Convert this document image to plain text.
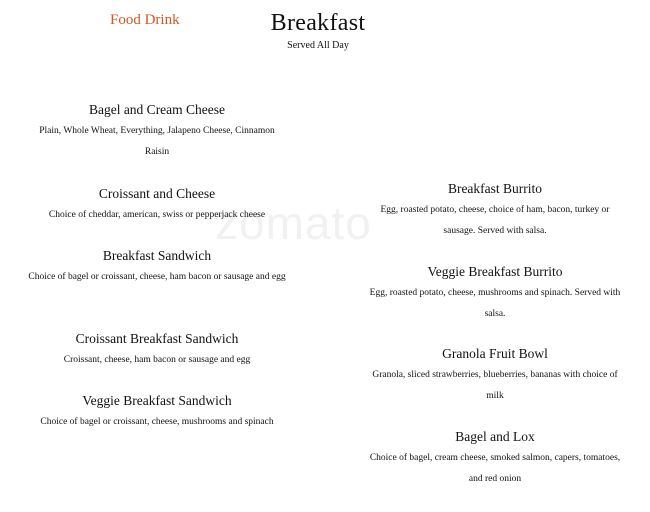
Food Drink	Breakfast
Served All Day
zomato
Bagel and Cream Cheese
Plain, Whole Wheat, Everything, Jalapeno Cheese, Cinnamon Raisin
Croissant and Cheese
Choice of cheddar, american, swiss or pepperjack cheese
Breakfast Sandwich
Choice of bagel or croissant, cheese, ham bacon or sausage and egg
Croissant Breakfast Sandwich
Croissant, cheese, ham bacon or sausage and egg
Veggie Breakfast Sandwich
Choice of bagel or croissant, cheese, mushrooms and spinach
Breakfast Burrito
Egg, roasted potato, cheese, choice of ham, bacon, turkey or sausage. Served with salsa.
Veggie Breakfast Burrito
Egg, roasted potato, cheese, mushrooms and spinach. Served with salsa.
Granola Fruit Bowl
Granola, sliced strawberries, blueberries, bananas with choice of milk
Bagel and Lox
Choice of bagel, cream cheese, smoked salmon, capers, tomatoes, and red onion
